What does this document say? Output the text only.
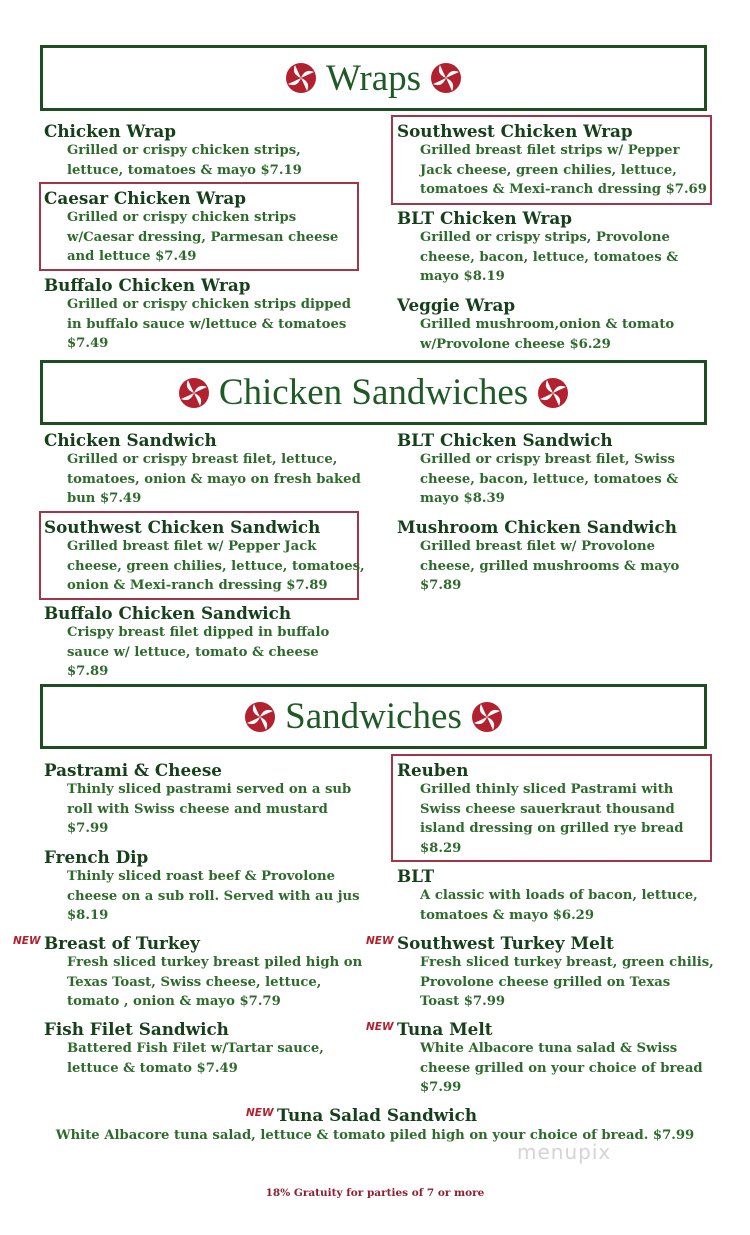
Wraps
Chicken Wrap
Grilled or crispy chicken strips,
lettuce, tomatoes & mayo $7.19
Caesar Chicken Wrap
Grilled or crispy chicken strips
w/Caesar dressing, Parmesan cheese
and lettuce $7.49
Buffalo Chicken Wrap
Grilled or crispy chicken strips dipped
in buffalo sauce w/lettuce & tomatoes
$7.49
Southwest Chicken Wrap
Grilled breast filet strips w/ Pepper
Jack cheese, green chilies, lettuce,
tomatoes & Mexi-ranch dressing $7.69
BLT Chicken Wrap
Grilled or crispy strips, Provolone
cheese, bacon, lettuce, tomatoes &
mayo $8.19
Veggie Wrap
Grilled mushroom,onion & tomato
w/Provolone cheese $6.29
Chicken Sandwiches
Chicken Sandwich
Grilled or crispy breast filet, lettuce,
tomatoes, onion & mayo on fresh baked
bun $7.49
Southwest Chicken Sandwich
Grilled breast filet w/ Pepper Jack
cheese, green chilies, lettuce, tomatoes,
onion & Mexi-ranch dressing $7.89
Buffalo Chicken Sandwich
Crispy breast filet dipped in buffalo
sauce w/ lettuce, tomato & cheese
$7.89
BLT Chicken Sandwich
Grilled or crispy breast filet, Swiss
cheese, bacon, lettuce, tomatoes &
mayo $8.39
Mushroom Chicken Sandwich
Grilled breast filet w/ Provolone
cheese, grilled mushrooms & mayo
$7.89
Sandwiches
Pastrami & Cheese
Thinly sliced pastrami served on a sub
roll with Swiss cheese and mustard
$7.99
French Dip
Thinly sliced roast beef & Provolone
cheese on a sub roll. Served with au jus
$8.19
NEW Breast of Turkey
Fresh sliced turkey breast piled high on
Texas Toast, Swiss cheese, lettuce,
tomato , onion & mayo $7.79
Fish Filet Sandwich
Battered Fish Filet w/Tartar sauce,
lettuce & tomato $7.49
Reuben
Grilled thinly sliced Pastrami with
Swiss cheese sauerkraut thousand
island dressing on grilled rye bread
$8.29
BLT
A classic with loads of bacon, lettuce,
tomatoes & mayo $6.29
NEW Southwest Turkey Melt
Fresh sliced turkey breast, green chilis,
Provolone cheese grilled on Texas
Toast $7.99
NEW Tuna Melt
White Albacore tuna salad & Swiss
cheese grilled on your choice of bread
$7.99
NEW Tuna Salad Sandwich
White Albacore tuna salad, lettuce & tomato piled high on your choice of bread. $7.99
menupix
18% Gratuity for parties of 7 or more
